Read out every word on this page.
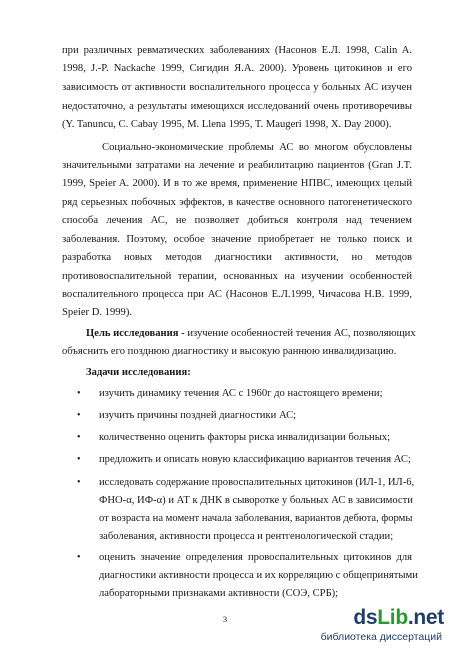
при различных ревматических заболеваниях (Насонов Е.Л. 1998, Calin A.
1998, J.-P. Nackache 1999, Сигидин Я.А. 2000). Уровень цитокинов и его
зависимость от активности воспалительного процесса у больных АС изучен
недостаточно, а результаты имеющихся исследований очень противоречивы
(Y. Tanuncu, C. Cabay 1995, M. Llena 1995, T. Maugeri 1998, X. Day 2000).
Социально-экономические проблемы АС во многом обусловлены
значительными затратами на лечение и реабилитацию пациентов (Gran J.T.
1999, Speier A. 2000). И в то же время, применение НПВС, имеющих целый
ряд серьезных побочных эффектов, в качестве основного патогенетического
способа лечения АС, не позволяет добиться контроля над течением
заболевания. Поэтому, особое значение приобретает не только поиск и
разработка новых методов диагностики активности, но методов
противовоспалительной терапии, основанных на изучении особенностей
воспалительного процесса при АС (Насонов Е.Л.1999, Чичасова Н.В. 1999,
Speier D. 1999).
Цель исследования - изучение особенностей течения АС, позволяющих
объяснить его позднюю диагностику и высокую раннюю инвалидизацию.
Задачи исследования:
• изучить динамику течения АС с 1960г до настоящего времени;
• изучить причины поздней диагностики АС;
• количественно оценить факторы риска инвалидизации больных;
• предложить и описать новую классификацию вариантов течения АС;
• исследовать содержание провоспалительных цитокинов (ИЛ-1, ИЛ-6,
ФНО-α, ИФ-α) и АТ к ДНК в сыворотке у больных АС в зависимости
от возраста на момент начала заболевания, вариантов дебюта, формы
заболевания, активности процесса и рентгенологической стадии;
• оценить значение определения провоспалительных цитокинов для
диагностики активности процесса и их корреляцию с общепринятыми
лабораторными признаками активности (СОЭ, СРБ);
3	dsLib.net
библиотека диссертаций
